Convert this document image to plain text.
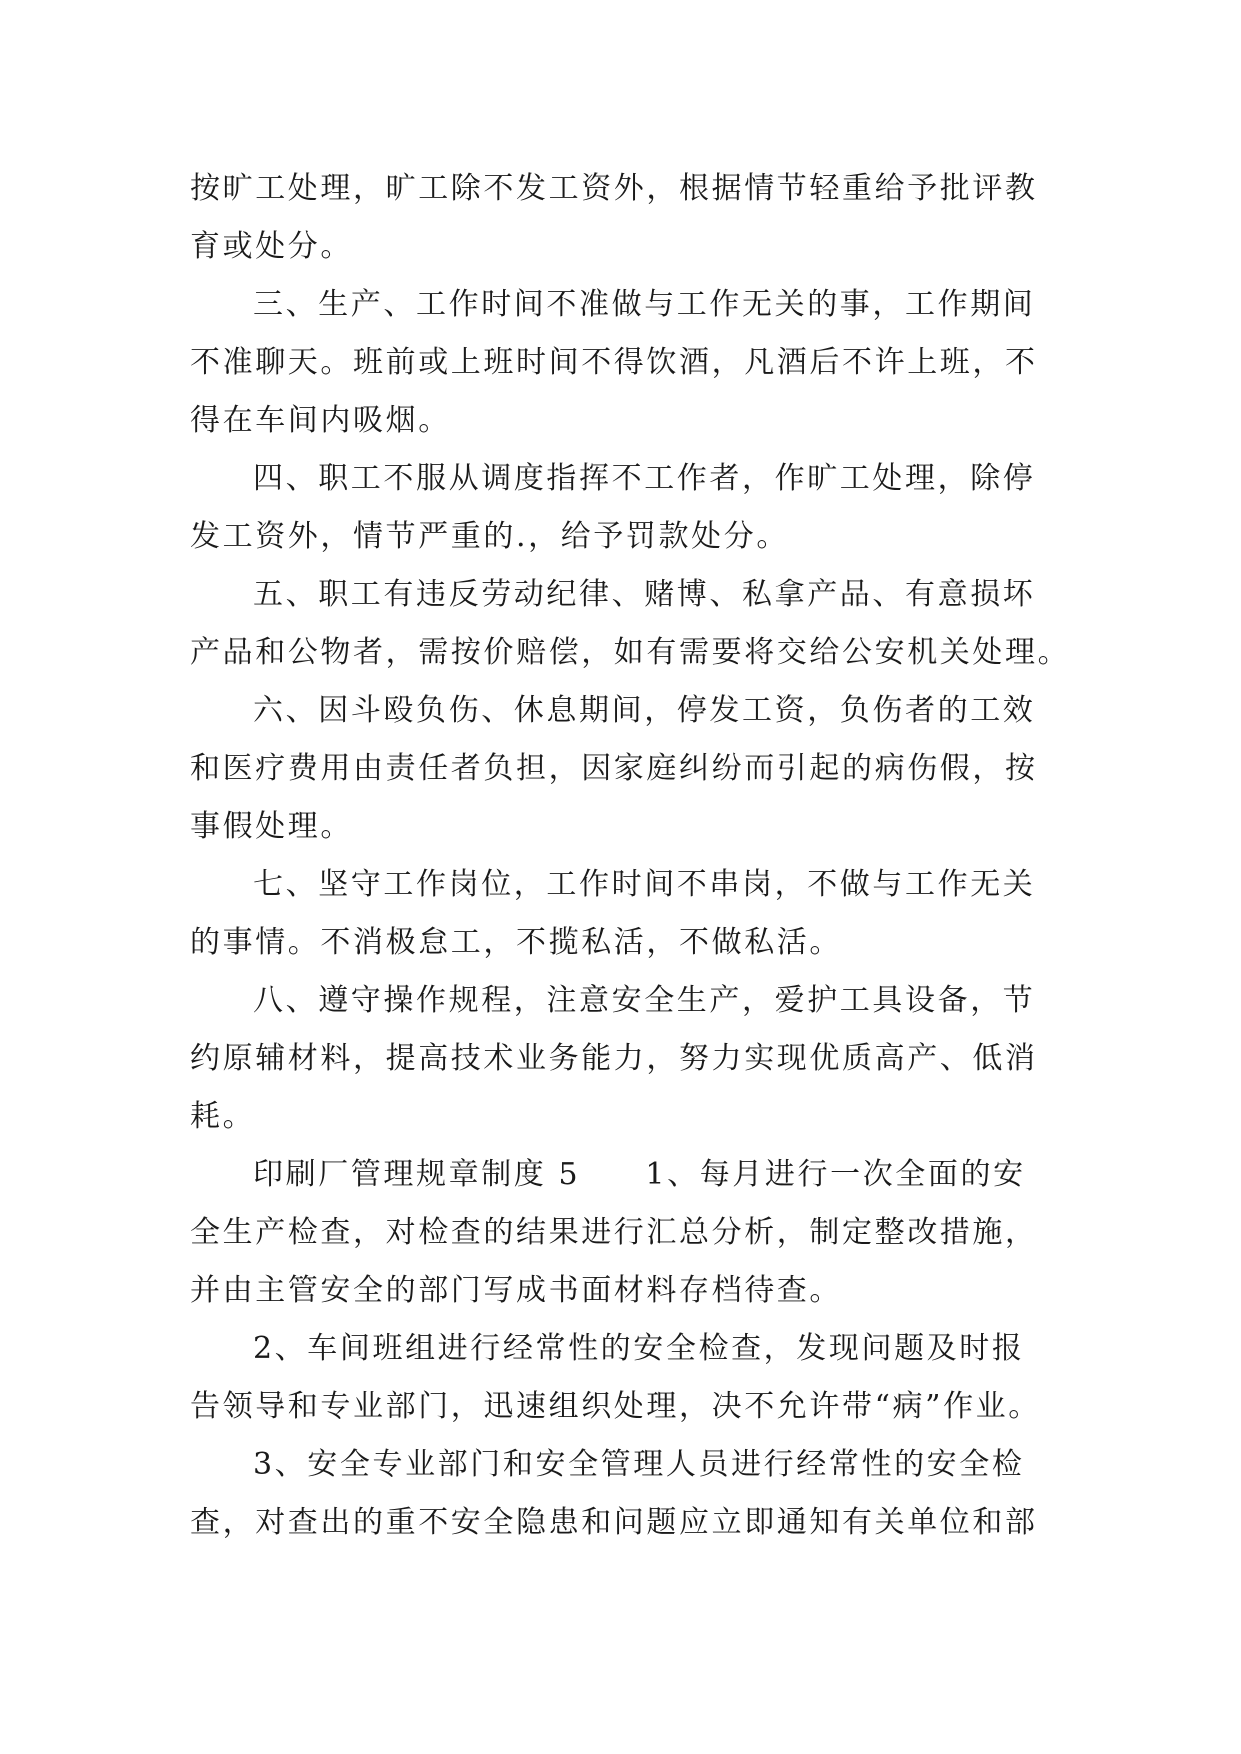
按旷工处理，旷工除不发工资外，根据情节轻重给予批评教
育或处分。

三、生产、工作时间不准做与工作无关的事，工作期间
不准聊天。班前或上班时间不得饮酒，凡酒后不许上班，不
得在车间内吸烟。

四、职工不服从调度指挥不工作者，作旷工处理，除停
发工资外，情节严重的.，给予罚款处分。

五、职工有违反劳动纪律、赌博、私拿产品、有意损坏
产品和公物者，需按价赔偿，如有需要将交给公安机关处理。

六、因斗殴负伤、休息期间，停发工资，负伤者的工效
和医疗费用由责任者负担，因家庭纠纷而引起的病伤假，按
事假处理。

七、坚守工作岗位，工作时间不串岗，不做与工作无关
的事情。不消极怠工，不揽私活，不做私活。

八、遵守操作规程，注意安全生产，爱护工具设备，节
约原辅材料，提高技术业务能力，努力实现优质高产、低消
耗。

印刷厂管理规章制度 5　　1、每月进行一次全面的安
全生产检查，对检查的结果进行汇总分析，制定整改措施，
并由主管安全的部门写成书面材料存档待查。

2、车间班组进行经常性的安全检查，发现问题及时报
告领导和专业部门，迅速组织处理，决不允许带“病”作业。

3、安全专业部门和安全管理人员进行经常性的安全检
查，对查出的重不安全隐患和问题应立即通知有关单位和部
